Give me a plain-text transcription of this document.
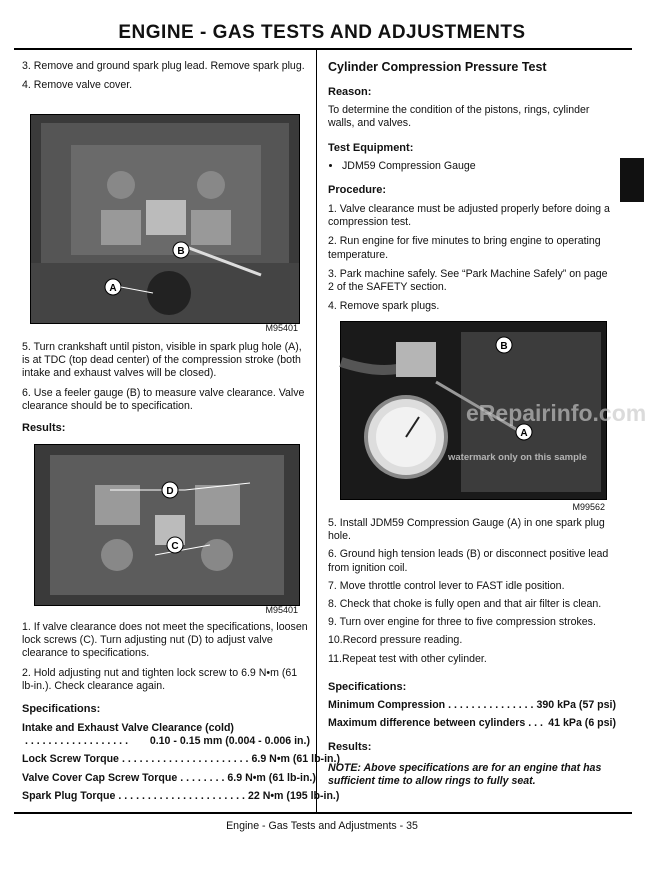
ENGINE - GAS TESTS AND ADJUSTMENTS

3. Remove and ground spark plug lead. Remove spark plug.

4. Remove valve cover.

A
B
M95401

5. Turn crankshaft until piston, visible in spark plug hole (A), is at TDC (top dead center) of the compression stroke (both intake and exhaust valves will be closed).

6. Use a feeler gauge (B) to measure valve clearance. Valve clearance should be to specification.

Results:
D
C
M95401

1. If valve clearance does not meet the specifications, loosen lock screws (C). Turn adjusting nut (D) to adjust valve clearance to specifications.

2. Hold adjusting nut and tighten lock screw to 6.9 N•m (61 lb-in.). Check clearance again.

Specifications:
Intake and Exhaust Valve Clearance (cold)
. . . . . . . . . . . . . . . . . .	0.10 - 0.15 mm (0.004 - 0.006 in.)
Lock Screw Torque . . . . . . . . . . . . . . . . . . . . . . 6.9 N•m (61 lb-in.)
Valve Cover Cap Screw Torque . . . . . . . . 6.9 N•m (61 lb-in.)
Spark Plug Torque . . . . . . . . . . . . . . . . . . . . . . 22 N•m (195 lb-in.)
Cylinder Compression Pressure Test
Reason:

To determine the condition of the pistons, rings, cylinder walls, and valves.

Test Equipment:
• JDM59 Compression Gauge
Procedure:

1. Valve clearance must be adjusted properly before doing a compression test.

2. Run engine for five minutes to bring engine to operating temperature.

3. Park machine safely. See “Park Machine Safely” on page 2 of the SAFETY section.

4. Remove spark plugs.

B
A
M99562
eRepairinfo.com
watermark only on this sample

5. Install JDM59 Compression Gauge (A) in one spark plug hole.

6. Ground high tension leads (B) or disconnect positive lead from ignition coil.

7. Move throttle control lever to FAST idle position.

8. Check that choke is fully open and that air filter is clean.

9. Turn over engine for three to five compression strokes.

10.Record pressure reading.

11.Repeat test with other cylinder.

Specifications:
Minimum Compression . . . . . . . . . . . . . . . 390 kPa (57 psi)
Maximum difference between cylinders . . . 41 kPa (6 psi)
Results:

NOTE: Above specifications are for an engine that has sufficient time to allow rings to fully seat.

Engine - Gas Tests and Adjustments - 35
